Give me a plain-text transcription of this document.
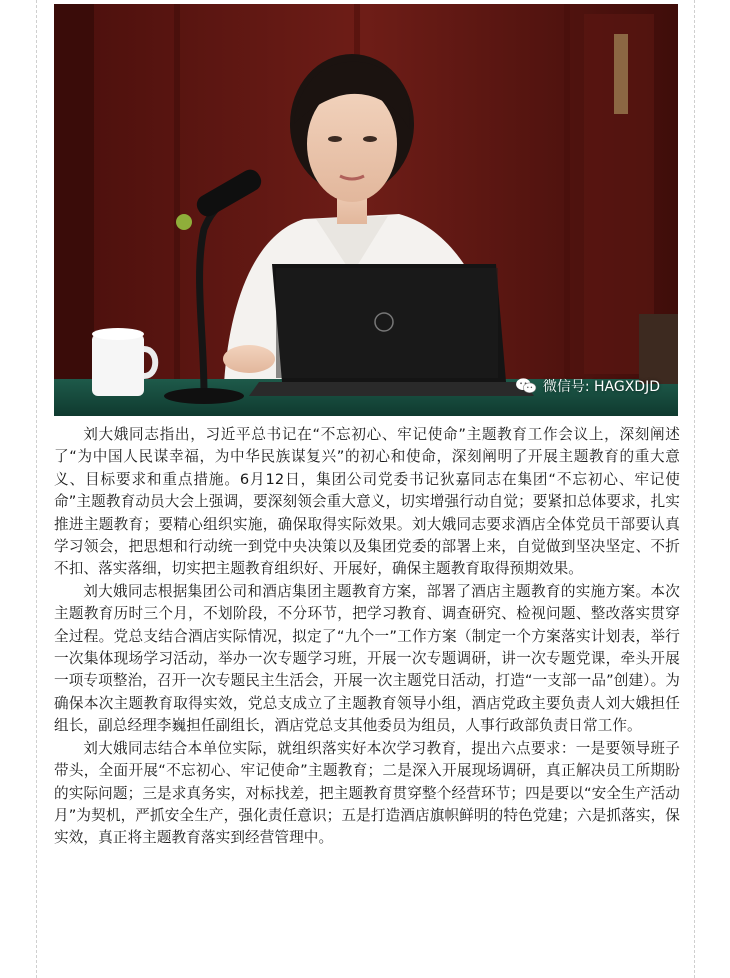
微信号: HAGXDJD

刘大娥同志指出，习近平总书记在“不忘初心、牢记使命”主题教育工作会议上，深刻阐述了“为中国人民谋幸福，为中华民族谋复兴”的初心和使命，深刻阐明了开展主题教育的重大意义、目标要求和重点措施。6月12日，集团公司党委书记狄嘉同志在集团“不忘初心、牢记使命”主题教育动员大会上强调，要深刻领会重大意义，切实增强行动自觉；要紧扣总体要求，扎实推进主题教育；要精心组织实施，确保取得实际效果。刘大娥同志要求酒店全体党员干部要认真学习领会，把思想和行动统一到党中央决策以及集团党委的部署上来，自觉做到坚决坚定、不折不扣、落实落细，切实把主题教育组织好、开展好，确保主题教育取得预期效果。

刘大娥同志根据集团公司和酒店集团主题教育方案，部署了酒店主题教育的实施方案。本次主题教育历时三个月，不划阶段，不分环节，把学习教育、调查研究、检视问题、整改落实贯穿全过程。党总支结合酒店实际情况，拟定了“九个一”工作方案（制定一个方案落实计划表，举行一次集体现场学习活动，举办一次专题学习班，开展一次专题调研，讲一次专题党课，牵头开展一项专项整治，召开一次专题民主生活会，开展一次主题党日活动，打造“一支部一品”创建）。为确保本次主题教育取得实效，党总支成立了主题教育领导小组，酒店党政主要负责人刘大娥担任组长，副总经理李巍担任副组长，酒店党总支其他委员为组员，人事行政部负责日常工作。

刘大娥同志结合本单位实际，就组织落实好本次学习教育，提出六点要求：一是要领导班子带头，全面开展“不忘初心、牢记使命”主题教育；二是深入开展现场调研，真正解决员工所期盼的实际问题；三是求真务实，对标找差，把主题教育贯穿整个经营环节；四是要以“安全生产活动月”为契机，严抓安全生产，强化责任意识；五是打造酒店旗帜鲜明的特色党建；六是抓落实，保实效，真正将主题教育落实到经营管理中。
